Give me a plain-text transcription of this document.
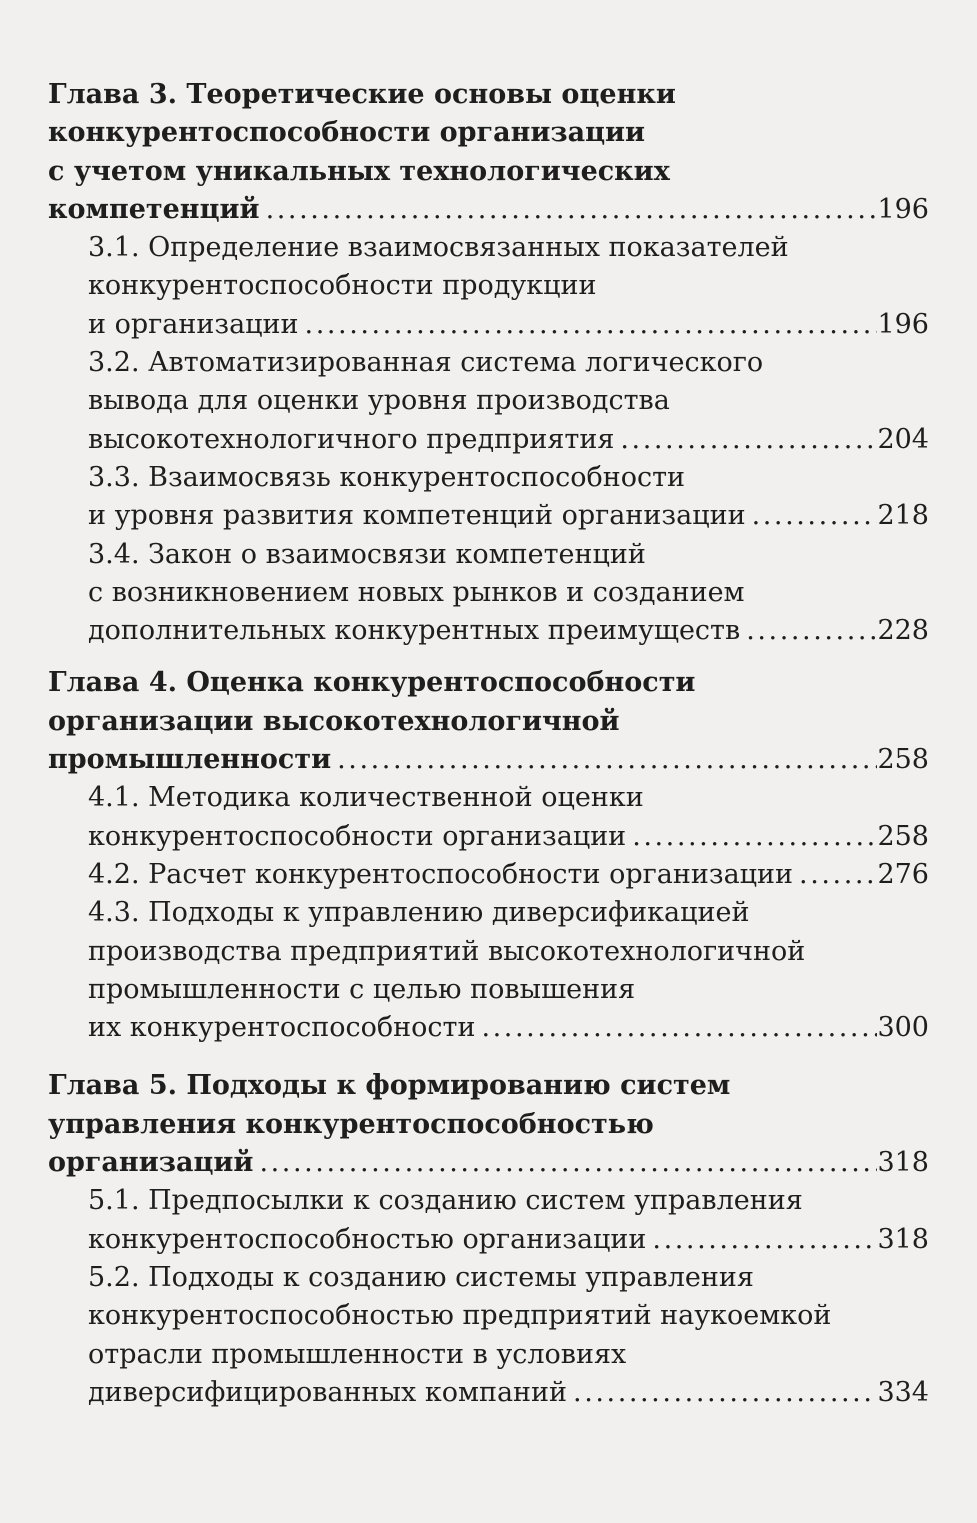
Глава 3. Теоретические основы оценки
конкурентоспособности организации
с учетом уникальных технологических
компетенций . . .	196
3.1. Определение взаимосвязанных показателей
конкурентоспособности продукции
и организации . . .	196
3.2. Автоматизированная система логического
вывода для оценки уровня производства
высокотехнологичного предприятия . . .	204
3.3. Взаимосвязь конкурентоспособности
и уровня развития компетенций организации . . .	218
3.4. Закон о взаимосвязи компетенций
с возникновением новых рынков и созданием
дополнительных конкурентных преимуществ . . .	228
Глава 4. Оценка конкурентоспособности
организации высокотехнологичной
промышленности . . .	258
4.1. Методика количественной оценки
конкурентоспособности организации . . .	258
4.2. Расчет конкурентоспособности организации . . .	276
4.3. Подходы к управлению диверсификацией
производства предприятий высокотехнологичной
промышленности с целью повышения
их конкурентоспособности . . .	300
Глава 5. Подходы к формированию систем
управления конкурентоспособностью
организаций . . .	318
5.1. Предпосылки к созданию систем управления
конкурентоспособностью организации . . .	318
5.2. Подходы к созданию системы управления
конкурентоспособностью предприятий наукоемкой
отрасли промышленности в условиях
диверсифицированных компаний . . .	334
